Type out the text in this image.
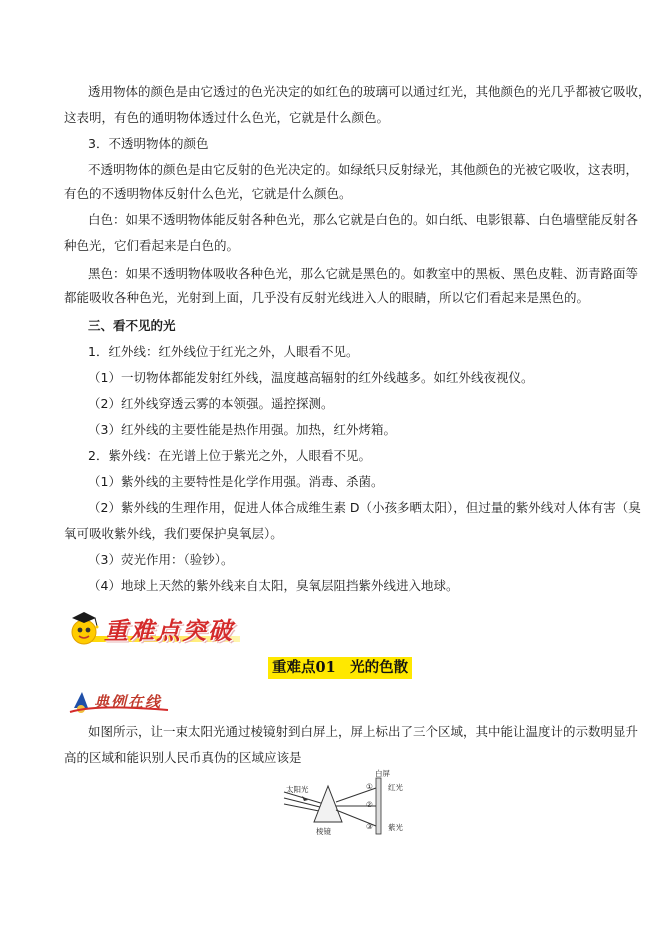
透用物体的颜色是由它透过的色光决定的如红色的玻璃可以通过红光，其他颜色的光几乎都被它吸收，
这表明，有色的通明物体透过什么色光，它就是什么颜色。
3．不透明物体的颜色
不透明物体的颜色是由它反射的色光决定的。如绿纸只反射绿光，其他颜色的光被它吸收，这表明，
有色的不透明物体反射什么色光，它就是什么颜色。
白色：如果不透明物体能反射各种色光，那么它就是白色的。如白纸、电影银幕、白色墙壁能反射各
种色光，它们看起来是白色的。
黑色：如果不透明物体吸收各种色光，那么它就是黑色的。如教室中的黑板、黑色皮鞋、沥青路面等
都能吸收各种色光，光射到上面，几乎没有反射光线进入人的眼睛，所以它们看起来是黑色的。
三、看不见的光
1．红外线：红外线位于红光之外，人眼看不见。
（1）一切物体都能发射红外线，温度越高辐射的红外线越多。如红外线夜视仪。
（2）红外线穿透云雾的本领强。遥控探测。
（3）红外线的主要性能是热作用强。加热，红外烤箱。
2．紫外线：在光谱上位于紫光之外，人眼看不见。
（1）紫外线的主要特性是化学作用强。消毒、杀菌。
（2）紫外线的生理作用，促进人体合成维生素 D（小孩多晒太阳），但过量的紫外线对人体有害（臭
氧可吸收紫外线，我们要保护臭氧层）。
（3）荧光作用：（验钞）。
（4）地球上天然的紫外线来自太阳，臭氧层阻挡紫外线进入地球。
重难点突破
重难点01　光的色散
典例在线
如图所示，让一束太阳光通过棱镜射到白屏上，屏上标出了三个区域，其中能让温度计的示数明显升
高的区域和能识别人民币真伪的区域应该是
太阳光
棱镜
白屏
①
②
③
红光
紫光
